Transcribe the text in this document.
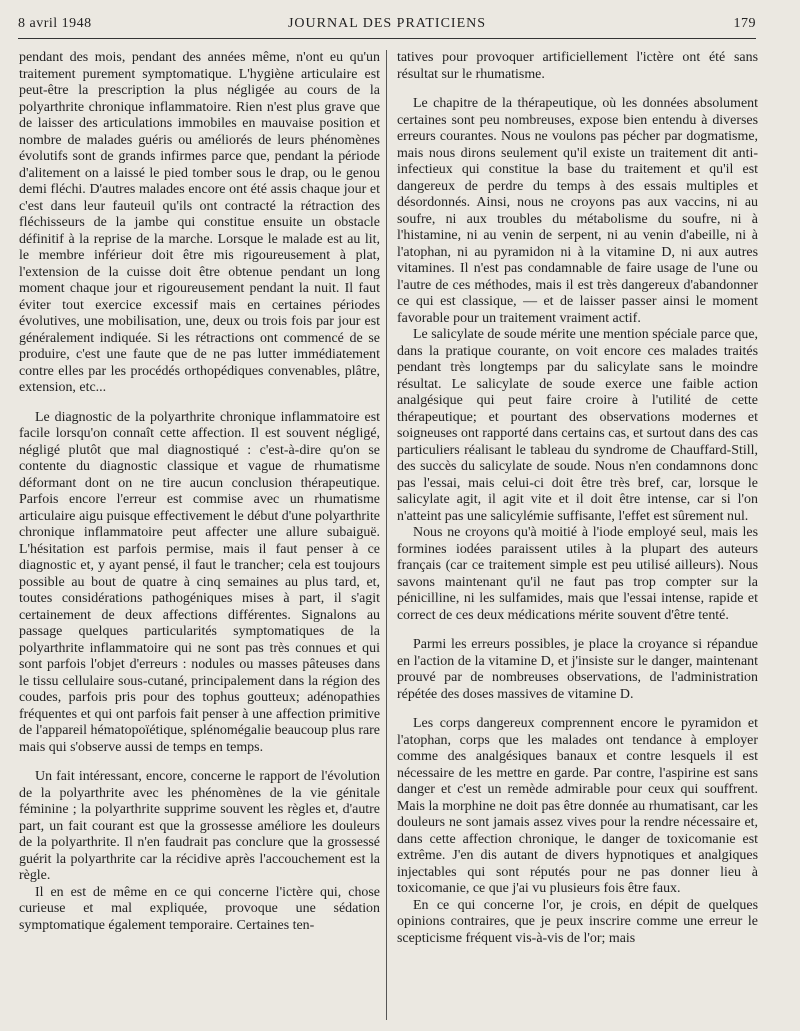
8 avril 1948	JOURNAL DES PRATICIENS	179

pendant des mois, pendant des années même, n'ont eu qu'un traitement purement symptomatique. L'hygiène articulaire est peut-être la prescription la plus négligée au cours de la polyarthrite chronique inflammatoire. Rien n'est plus grave que de laisser des articulations immobiles en mauvaise position et nombre de malades guéris ou améliorés de leurs phénomènes évolutifs sont de grands infirmes parce que, pendant la période d'alitement on a laissé le pied tomber sous le drap, ou le genou demi fléchi. D'autres malades encore ont été assis chaque jour et c'est dans leur fauteuil qu'ils ont contracté la rétraction des fléchisseurs de la jambe qui constitue ensuite un obstacle définitif à la reprise de la marche. Lorsque le malade est au lit, le membre inférieur doit être mis rigoureusement à plat, l'extension de la cuisse doit être obtenue pendant un long moment chaque jour et rigoureusement pendant la nuit. Il faut éviter tout exercice excessif mais en certaines périodes évolutives, une mobilisation, une, deux ou trois fois par jour est généralement indiquée. Si les rétractions ont commencé de se produire, c'est une faute que de ne pas lutter immédiatement contre elles par les procédés orthopédiques convenables, plâtre, extension, etc...

Le diagnostic de la polyarthrite chronique inflammatoire est facile lorsqu'on connaît cette affection. Il est souvent négligé, négligé plutôt que mal diagnostiqué : c'est-à-dire qu'on se contente du diagnostic classique et vague de rhumatisme déformant dont on ne tire aucun conclusion thérapeutique. Parfois encore l'erreur est commise avec un rhumatisme articulaire aigu puisque effectivement le début d'une polyarthrite chronique inflammatoire peut affecter une allure subaiguë. L'hésitation est parfois permise, mais il faut penser à ce diagnostic et, y ayant pensé, il faut le trancher; cela est toujours possible au bout de quatre à cinq semaines au plus tard, et, toutes considérations pathogéniques mises à part, il s'agit certainement de deux affections différentes. Signalons au passage quelques particularités symptomatiques de la polyarthrite inflammatoire qui ne sont pas très connues et qui sont parfois l'objet d'erreurs : nodules ou masses pâteuses dans le tissu cellulaire sous-cutané, principalement dans la région des coudes, parfois pris pour des tophus goutteux; adénopathies fréquentes et qui ont parfois fait penser à une affection primitive de l'appareil hématopoïétique, splénomégalie beaucoup plus rare mais qui s'observe aussi de temps en temps.

Un fait intéressant, encore, concerne le rapport de l'évolution de la polyarthrite avec les phénomènes de la vie génitale féminine ; la polyarthrite supprime souvent les règles et, d'autre part, un fait courant est que la grossesse améliore les douleurs de la polyarthrite. Il n'en faudrait pas conclure que la grossessé guérit la polyarthrite car la récidive après l'accouchement est la règle.

Il en est de même en ce qui concerne l'ictère qui, chose curieuse et mal expliquée, provoque une sédation symptomatique également temporaire. Certaines ten-

tatives pour provoquer artificiellement l'ictère ont été sans résultat sur le rhumatisme.

Le chapitre de la thérapeutique, où les données absolument certaines sont peu nombreuses, expose bien entendu à diverses erreurs courantes. Nous ne voulons pas pécher par dogmatisme, mais nous dirons seulement qu'il existe un traitement dit anti-infectieux qui constitue la base du traitement et qu'il est dangereux de perdre du temps à des essais multiples et désordonnés. Ainsi, nous ne croyons pas aux vaccins, ni au soufre, ni aux troubles du métabolisme du soufre, ni à l'histamine, ni au venin de serpent, ni au venin d'abeille, ni à l'atophan, ni au pyramidon ni à la vitamine D, ni aux autres vitamines. Il n'est pas condamnable de faire usage de l'une ou l'autre de ces méthodes, mais il est très dangereux d'abandonner ce qui est classique, — et de laisser passer ainsi le moment favorable pour un traitement vraiment actif.

Le salicylate de soude mérite une mention spéciale parce que, dans la pratique courante, on voit encore ces malades traités pendant très longtemps par du salicylate sans le moindre résultat. Le salicylate de soude exerce une faible action analgésique qui peut faire croire à l'utilité de cette thérapeutique; et pourtant des observations modernes et soigneuses ont rapporté dans certains cas, et surtout dans des cas particuliers réalisant le tableau du syndrome de Chauffard-Still, des succès du salicylate de soude. Nous n'en condamnons donc pas l'essai, mais celui-ci doit être très bref, car, lorsque le salicylate agit, il agit vite et il doit être intense, car si l'on n'atteint pas une salicylémie suffisante, l'effet est sûrement nul.

Nous ne croyons qu'à moitié à l'iode employé seul, mais les formines iodées paraissent utiles à la plupart des auteurs français (car ce traitement simple est peu utilisé ailleurs). Nous savons maintenant qu'il ne faut pas trop compter sur la pénicilline, ni les sulfamides, mais que l'essai intense, rapide et correct de ces deux médications mérite souvent d'être tenté.

Parmi les erreurs possibles, je place la croyance si répandue en l'action de la vitamine D, et j'insiste sur le danger, maintenant prouvé par de nombreuses observations, de l'administration répétée des doses massives de vitamine D.

Les corps dangereux comprennent encore le pyramidon et l'atophan, corps que les malades ont tendance à employer comme des analgésiques banaux et contre lesquels il est nécessaire de les mettre en garde. Par contre, l'aspirine est sans danger et c'est un remède admirable pour ceux qui souffrent. Mais la morphine ne doit pas être donnée au rhumatisant, car les douleurs ne sont jamais assez vives pour la rendre nécessaire et, dans cette affection chronique, le danger de toxicomanie est extrême. J'en dis autant de divers hypnotiques et analgiques injectables qui sont réputés pour ne pas donner lieu à toxicomanie, ce que j'ai vu plusieurs fois être faux.

En ce qui concerne l'or, je crois, en dépit de quelques opinions contraires, que je peux inscrire comme une erreur le scepticisme fréquent vis-à-vis de l'or; mais
